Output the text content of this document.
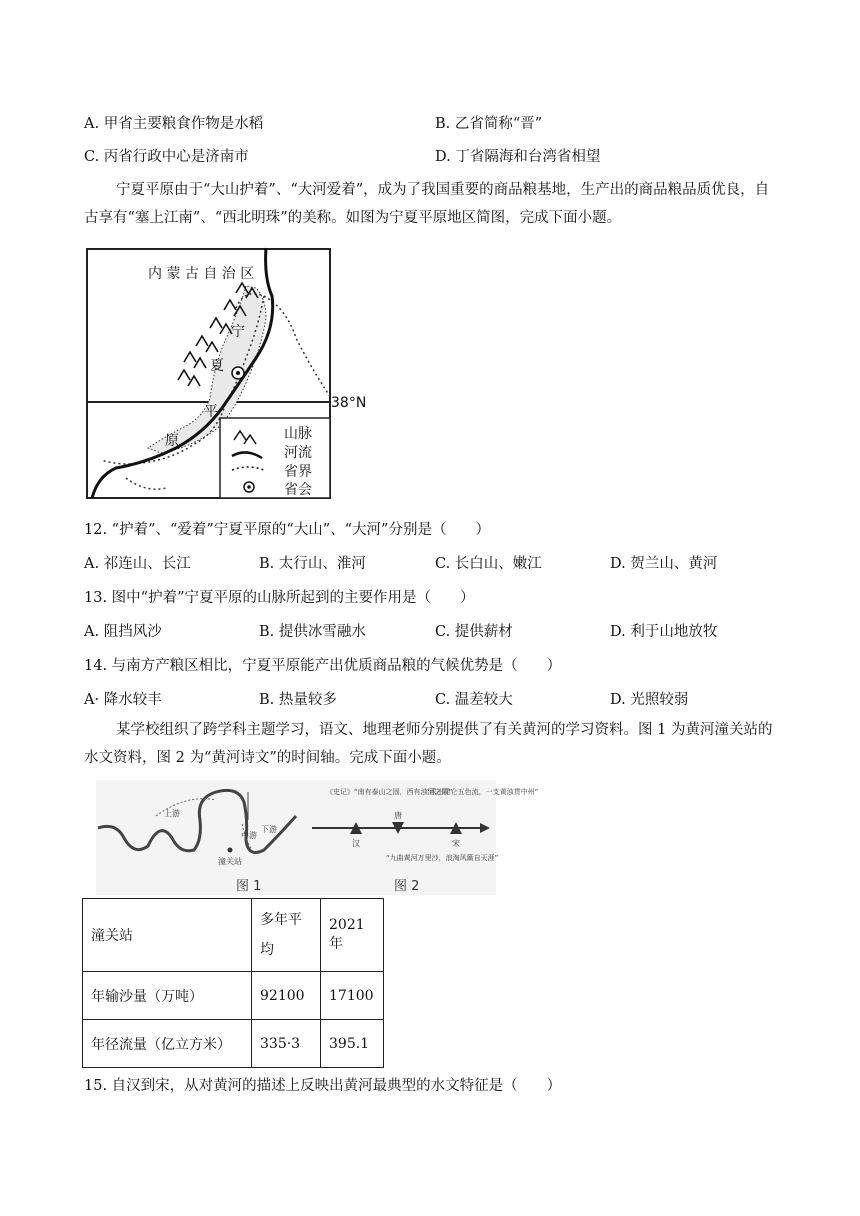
A. 甲省主要粮食作物是水稻	B. 乙省简称“晋”
C. 丙省行政中心是济南市	D. 丁省隔海和台湾省相望
宁夏平原由于“大山护着”、“大河爱着”，成为了我国重要的商品粮基地，生产出的商品粮品质优良，自古享有“塞上江南”、“西北明珠”的美称。如图为宁夏平原地区简图，完成下面小题。
内 蒙 古 自 治 区
宁
夏
平
原	山脉
河流
省界
省会
38°N
12. “护着”、“爱着”宁夏平原的“大山”、“大河”分别是（　　）
A. 祁连山、长江	B. 太行山、淮河	C. 长白山、嫩江	D. 贺兰山、黄河
13. 图中“护着”宁夏平原的山脉所起到的主要作用是（　　）
A. 阻挡风沙	B. 提供冰雪融水	C. 提供薪材	D. 利于山地放牧
14. 与南方产粮区相比，宁夏平原能产出优质商品粮的气候优势是（　　）
A· 降水较丰	B. 热量较多	C. 温差较大	D. 光照较弱
某学校组织了跨学科主题学习，语文、地理老师分别提供了有关黄河的学习资料。图 1 为黄河潼关站的水文资料，图 2 为“黄河诗文”的时间轴。完成下面小题。
上游
中游
下游
潼关站
《史记》“南有泰山之固，西有浊河之限”
“派出昆仑五色流，一支黄浊贯中州”
“九曲黄河万里沙，浪淘风簸自天涯”
汉
唐
宋
图 1	图 2
潼关站	多年平均	2021年
年输沙量（万吨）	92100	17100
年径流量（亿立方米）	335·3	395.1
15. 自汉到宋，从对黄河的描述上反映出黄河最典型的水文特征是（　　）
